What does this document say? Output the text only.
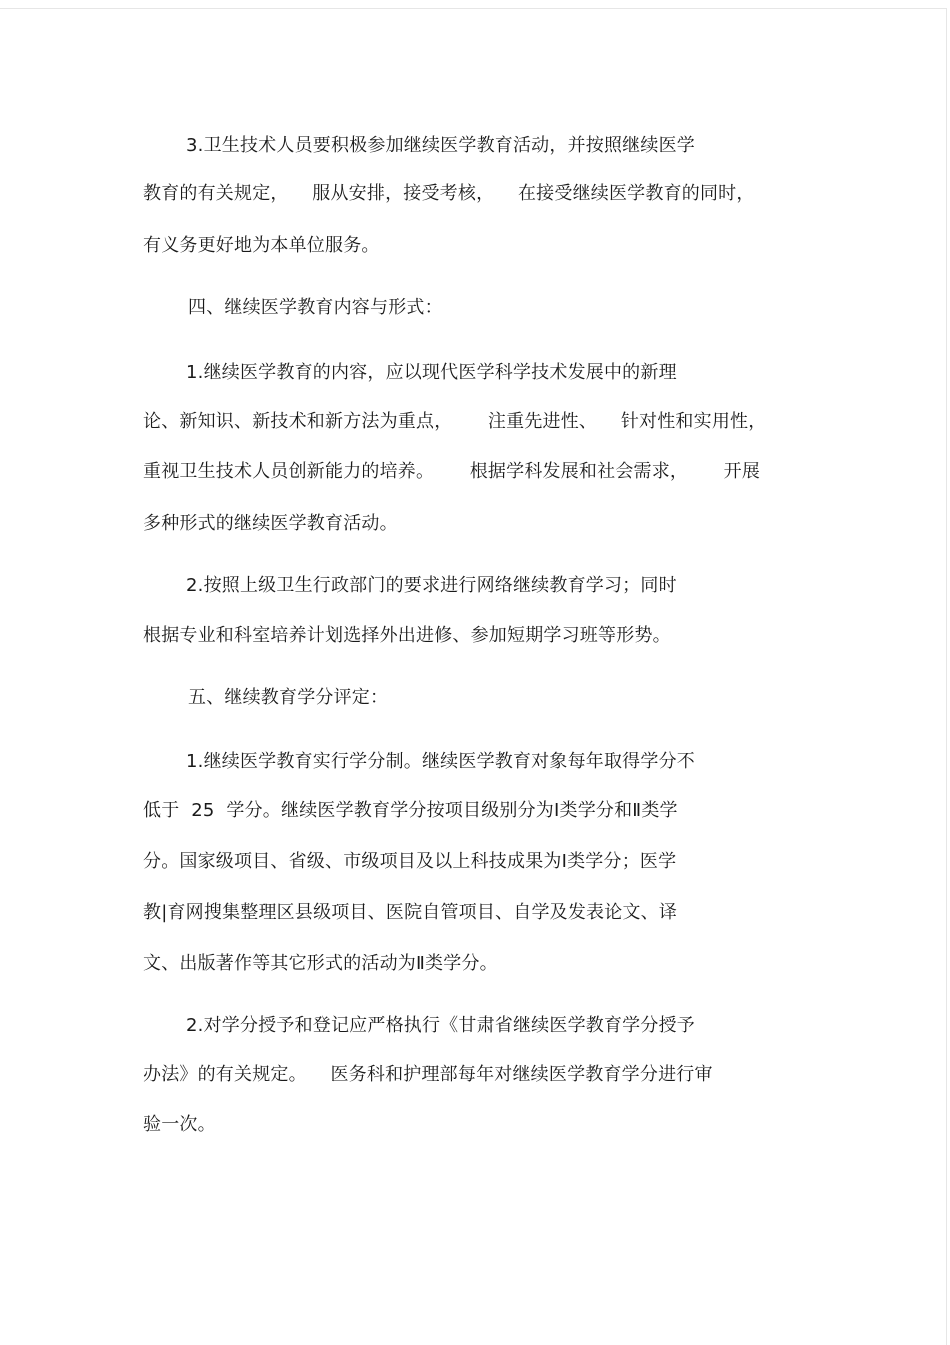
3.卫生技术人员要积极参加继续医学教育活动，并按照继续医学
教育的有关规定，    服从安排，接受考核，    在接受继续医学教育的同时，
有义务更好地为本单位服务。
四、继续医学教育内容与形式：
1.继续医学教育的内容，应以现代医学科学技术发展中的新理
论、新知识、新技术和新方法为重点，      注重先进性、    针对性和实用性，
重视卫生技术人员创新能力的培养。      根据学科发展和社会需求，      开展
多种形式的继续医学教育活动。
2.按照上级卫生行政部门的要求进行网络继续教育学习；同时
根据专业和科室培养计划选择外出进修、参加短期学习班等形势。
五、继续教育学分评定：
1.继续医学教育实行学分制。继续医学教育对象每年取得学分不
低于  25  学分。继续医学教育学分按项目级别分为Ⅰ类学分和Ⅱ类学
分。国家级项目、省级、市级项目及以上科技成果为Ⅰ类学分；医学
教|育网搜集整理区县级项目、医院自管项目、自学及发表论文、译
文、出版著作等其它形式的活动为Ⅱ类学分。
2.对学分授予和登记应严格执行《甘肃省继续医学教育学分授予
办法》的有关规定。    医务科和护理部每年对继续医学教育学分进行审
验一次。
